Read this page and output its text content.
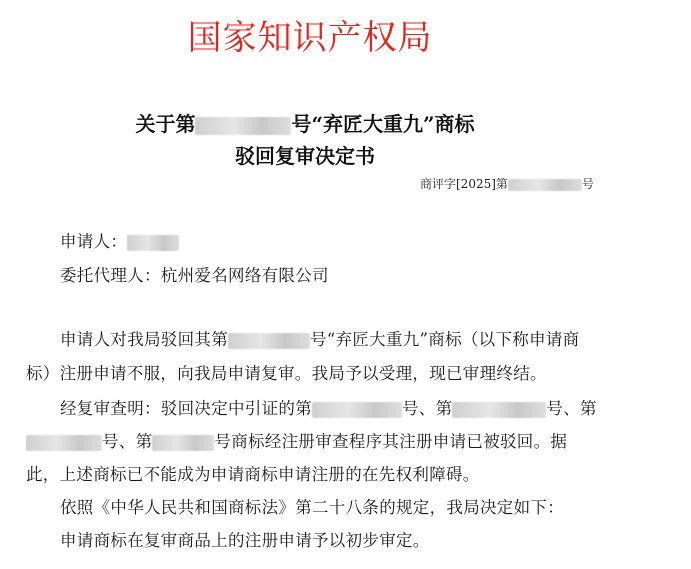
国家知识产权局
关于第	号“弃匠大重九”商标
驳回复审决定书
商评字[2025]第	号
申请人：
委托代理人：杭州爱名网络有限公司
申请人对我局驳回其第	号“弃匠大重九”商标（以下称申请商
标）注册申请不服，向我局申请复审。我局予以受理，现已审理终结。
经复审查明：驳回决定中引证的第	号、第	号、第
号、第	号商标经注册审查程序其注册申请已被驳回。据
此，上述商标已不能成为申请商标申请注册的在先权利障碍。
依照《中华人民共和国商标法》第二十八条的规定，我局决定如下：
申请商标在复审商品上的注册申请予以初步审定。
